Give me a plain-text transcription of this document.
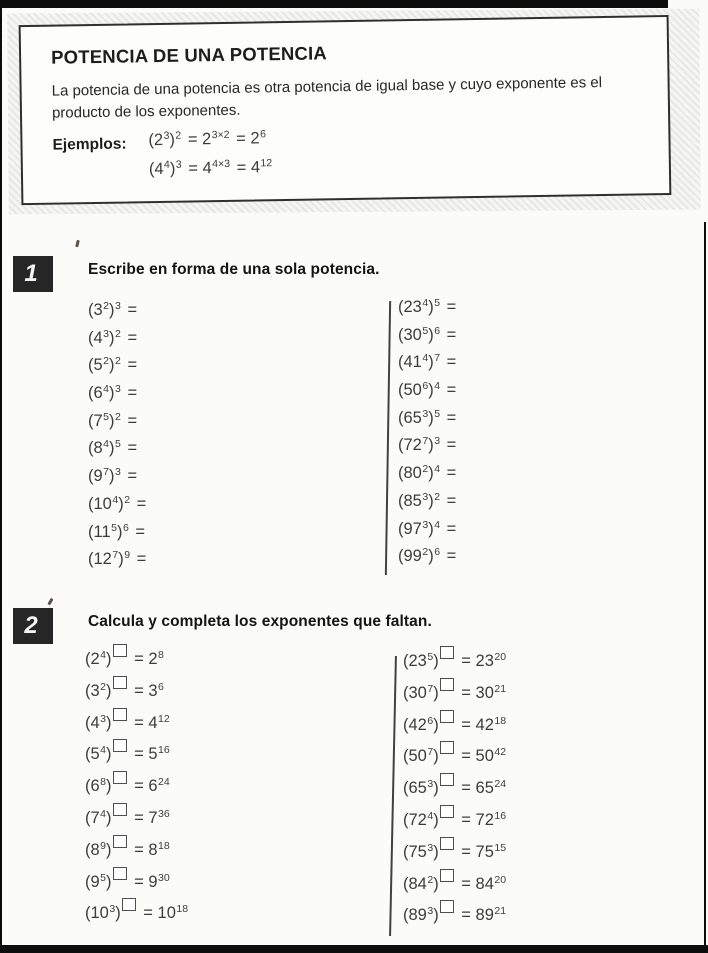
POTENCIA DE UNA POTENCIA
La potencia de una potencia es otra potencia de igual base y cuyo exponente es el
producto de los exponentes.
Ejemplos:	$(2^3)^2 = 2^{3\times 2} = 2^6$
$(4^4)^3 = 4^{4\times 3} = 4^{12}$
1	Escribe en forma de una sola potencia.
$(3^2)^3$ =
$(4^3)^2$ =
$(5^2)^2$ =
$(6^4)^3$ =
$(7^5)^2$ =
$(8^4)^5$ =
$(9^7)^3$ =
$(10^4)^2$ =
$(11^5)^6$ =
$(12^7)^9$ =
$(23^4)^5$ =
$(30^5)^6$ =
$(41^4)^7$ =
$(50^6)^4$ =
$(65^3)^5$ =
$(72^7)^3$ =
$(80^2)^4$ =
$(85^3)^2$ =
$(97^3)^4$ =
$(99^2)^6$ =
2	Calcula y completa los exponentes que faltan.
$(2^4) = 2^8$
$(3^2) = 3^6$
$(4^3) = 4^{12}$
$(5^4) = 5^{16}$
$(6^8) = 6^{24}$
$(7^4) = 7^{36}$
$(8^9) = 8^{18}$
$(9^5) = 9^{30}$
$(10^3) = 10^{18}$
$(23^5) = 23^{20}$
$(30^7) = 30^{21}$
$(42^6) = 42^{18}$
$(50^7) = 50^{42}$
$(65^3) = 65^{24}$
$(72^4) = 72^{16}$
$(75^3) = 75^{15}$
$(84^2) = 84^{20}$
$(89^3) = 89^{21}$
